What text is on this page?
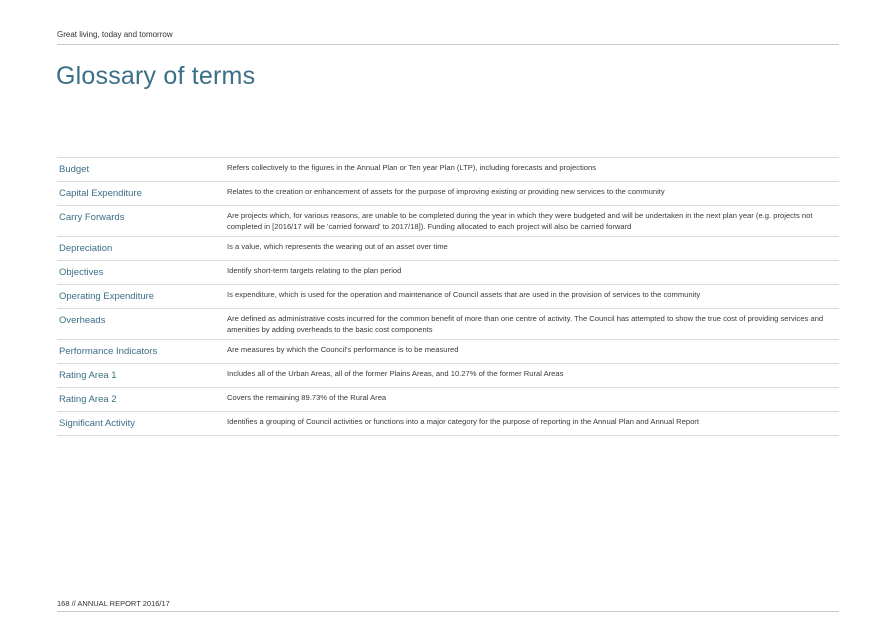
Great living, today and tomorrow
Glossary of terms
Budget	Refers collectively to the figures in the Annual Plan or Ten year Plan (LTP), including forecasts and projections
Capital Expenditure	Relates to the creation or enhancement of assets for the purpose of improving existing or providing new services to the community
Carry Forwards	Are projects which, for various reasons, are unable to be completed during the year in which they were budgeted and will be undertaken in the next plan year (e.g. projects not completed in [2016/17 will be 'carried forward' to 2017/18]). Funding allocated to each project will also be carried forward
Depreciation	Is a value, which represents the wearing out of an asset over time
Objectives	Identify short-term targets relating to the plan period
Operating Expenditure	Is expenditure, which is used for the operation and maintenance of Council assets that are used in the provision of services to the community
Overheads	Are defined as administrative costs incurred for the common benefit of more than one centre of activity. The Council has attempted to show the true cost of providing services and amenities by adding overheads to the basic cost components
Performance Indicators	Are measures by which the Council's performance is to be measured
Rating Area 1	Includes all of the Urban Areas, all of the former Plains Areas, and 10.27% of the former Rural Areas
Rating Area 2	Covers the remaining 89.73% of the Rural Area
Significant Activity	Identifies a grouping of Council activities or functions into a major category for the purpose of reporting in the Annual Plan and Annual Report
168 // ANNUAL REPORT 2016/17
